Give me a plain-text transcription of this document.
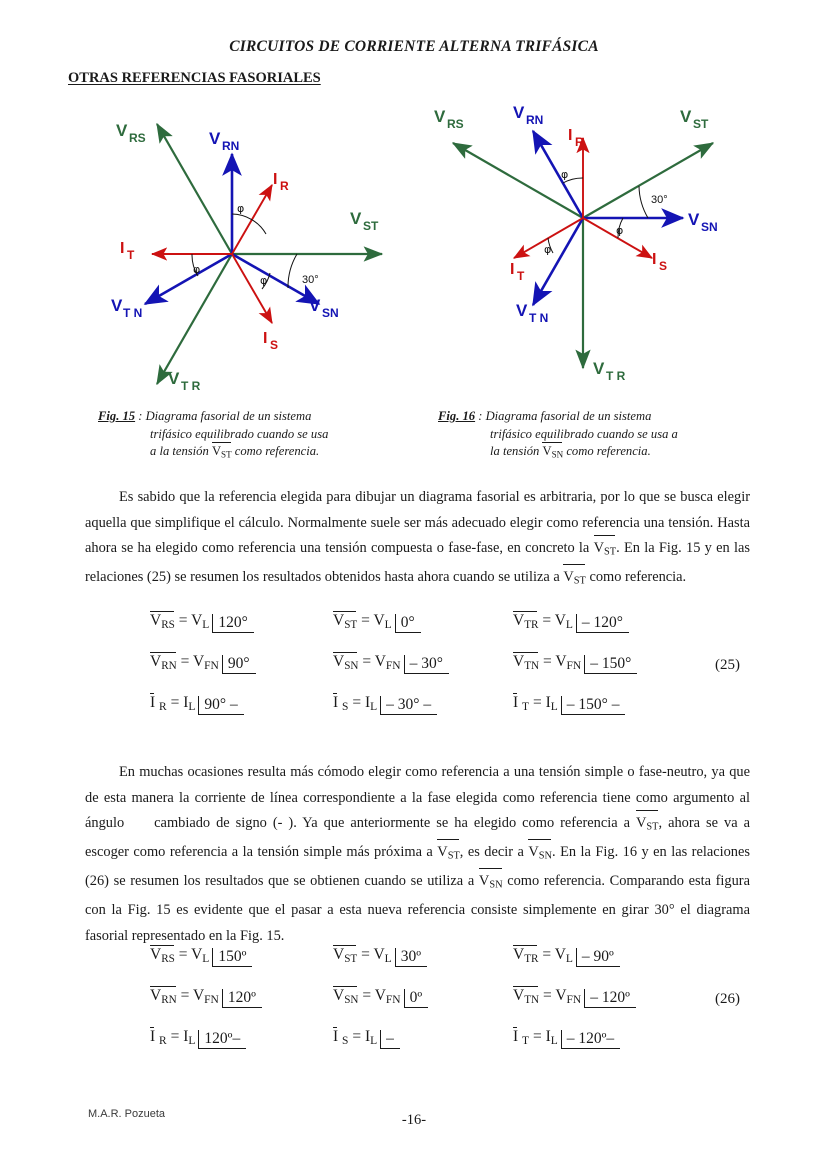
CIRCUITOS DE CORRIENTE ALTERNA TRIFÁSICA
OTRAS REFERENCIAS FASORIALES
30°
φ
φ
φ
V RS
V ST
V T R
V RN
V SN
V T N
I R
I S
I T
30°
φ
φ
φ
V RS	V ST
V T R
V RN
V SN
V T N
I R
I S
I T
Fig. 15 : Diagrama fasorial de un sistema
trifásico equilibrado cuando se usa
a la tensión $V_{ST}$ como referencia.
Fig. 16 : Diagrama fasorial de un sistema
trifásico equilibrado cuando se usa a
la tensión $V_{SN}$ como referencia.

Es sabido que la referencia elegida para dibujar un diagrama fasorial es arbitraria, por lo que se busca elegir aquella que simplifique el cálculo. Normalmente suele ser más adecuado elegir como referencia una tensión. Hasta ahora se ha elegido como referencia una tensión compuesta o fase-fase, en concreto la $V_{ST}$. En la Fig. 15 y en las relaciones (25) se resumen los resultados obtenidos hasta ahora cuando se utiliza a $V_{ST}$ como referencia.

$V_{RS} = V_L$ 120°	$V_{ST} = V_L$ 0°	$V_{TR} = V_L - 120^\circ$
$V_{RN} = V_{FN}$ 90°	$V_{SN} = V_{FN} - 30^\circ$	$V_{TN} = V_{FN} - 150^\circ$
I $_R = I_L$ 90° –	I $_S = I_L - 30^\circ$ –	I $_T = I_L - 150^\circ$ –
(25)

En muchas ocasiones resulta más cómodo elegir como referencia a una tensión simple o fase-neutro, ya que de esta manera la corriente de línea correspondiente a la fase elegida como referencia tiene como argumento al ángulo cambiado de signo (- ). Ya que anteriormente se ha elegido como referencia a $V_{ST}$, ahora se va a escoger como referencia a la tensión simple más próxima a $V_{ST}$, es decir a $V_{SN}$. En la Fig. 16 y en las relaciones (26) se resumen los resultados que se obtienen cuando se utiliza a $V_{SN}$ como referencia. Comparando esta figura con la Fig. 15 es evidente que el pasar a esta nueva referencia consiste simplemente en girar 30° el diagrama fasorial representado en la Fig. 15.

$V_{RS} = V_L$ 150º	$V_{ST} = V_L$ 30º	$V_{TR} = V_L$ – 90º
$V_{RN} = V_{FN}$ 120º	$V_{SN} = V_{FN}$ 0º	$V_{TN} = V_{FN}$ – 120º
I $_R = I_L$ 120º–	I $_S = I_L$ –	I $_T = I_L$ – 120º–
(26)
M.A.R. Pozueta	-16-
